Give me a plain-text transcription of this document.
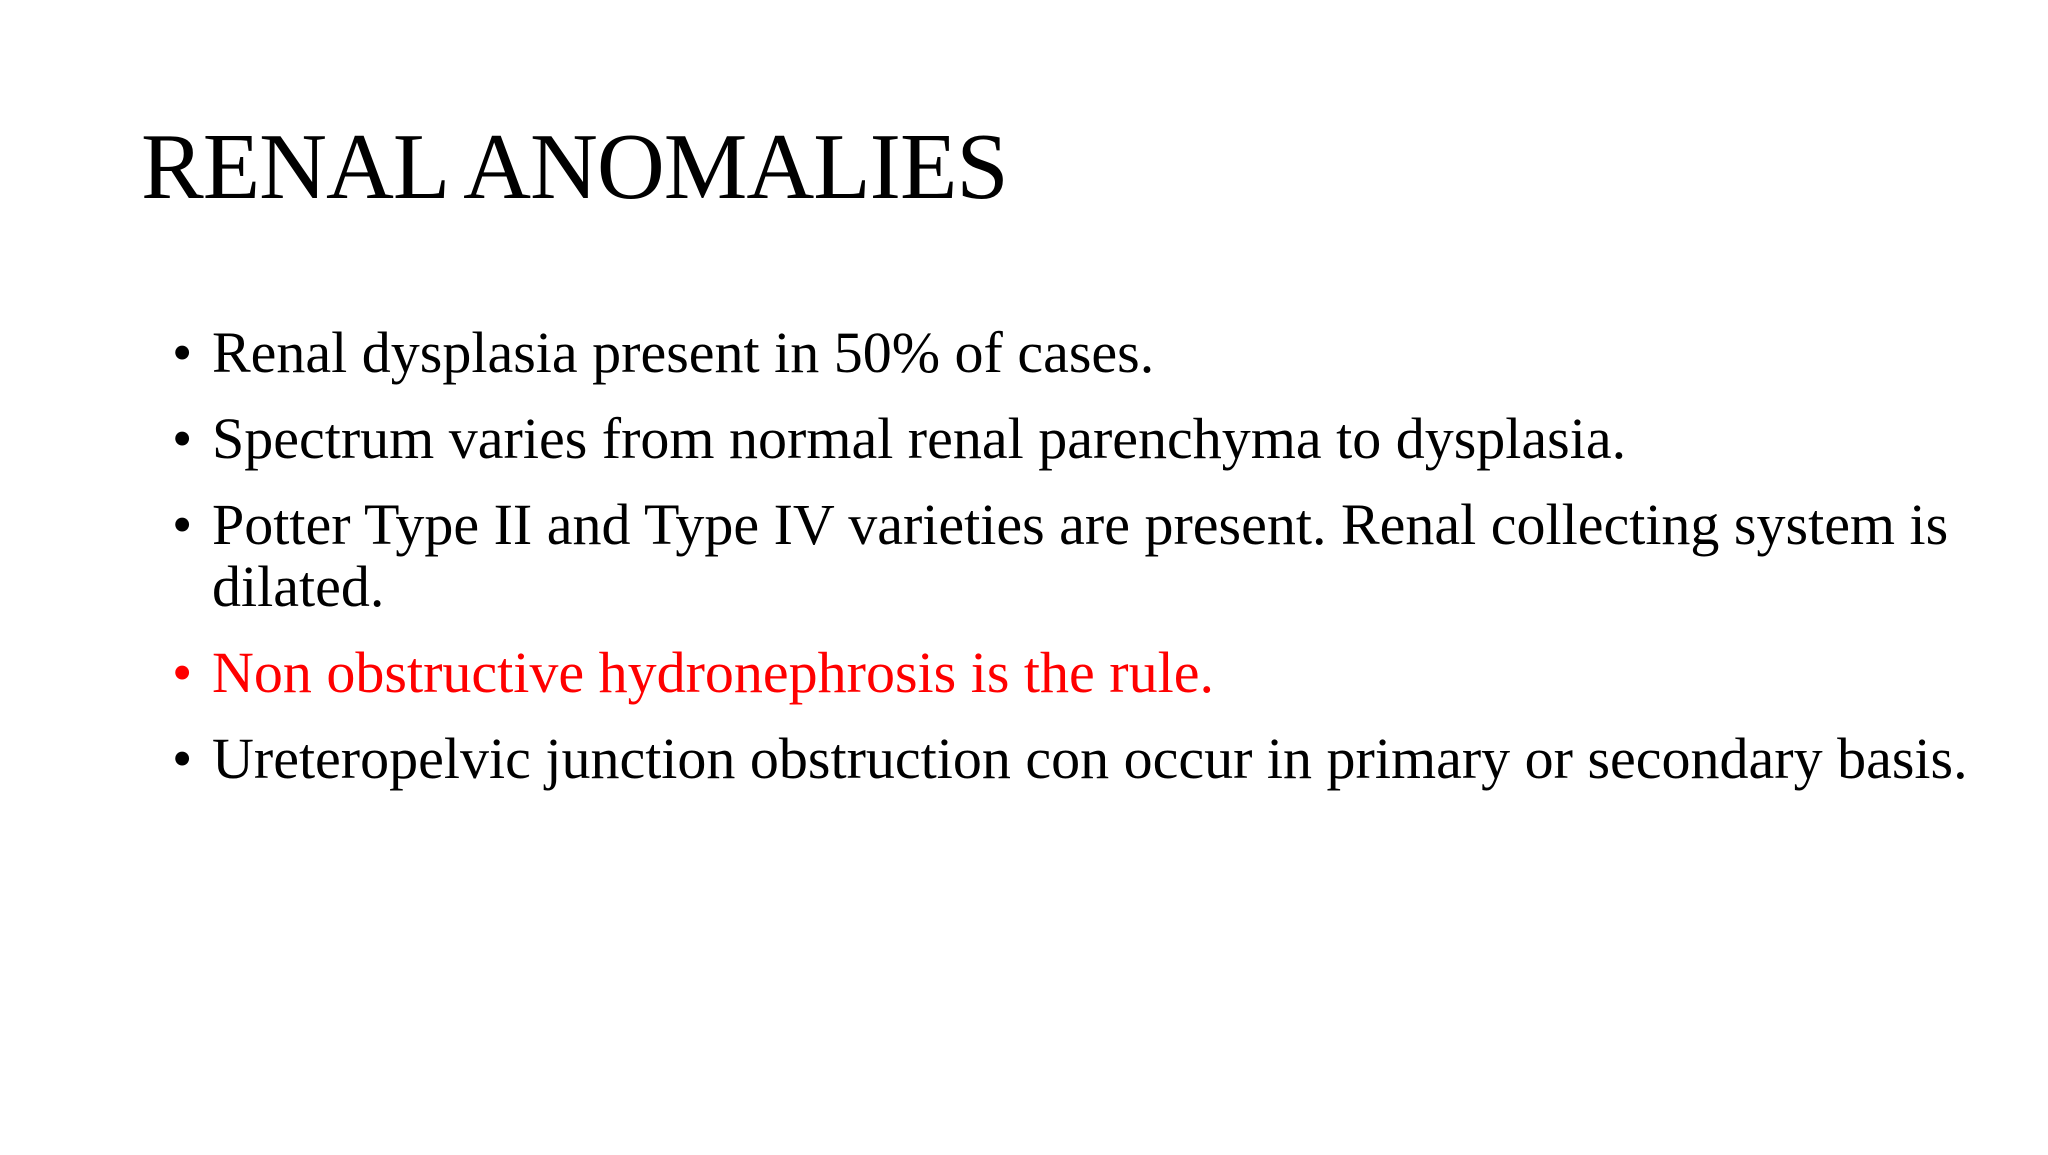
RENAL ANOMALIES
• Renal dysplasia present in 50% of cases.
• Spectrum varies from normal renal parenchyma to dysplasia.
• Potter Type II and Type IV varieties are present. Renal collecting system is dilated.
• Non obstructive hydronephrosis is the rule.
• Ureteropelvic junction obstruction con occur in primary or secondary basis.
